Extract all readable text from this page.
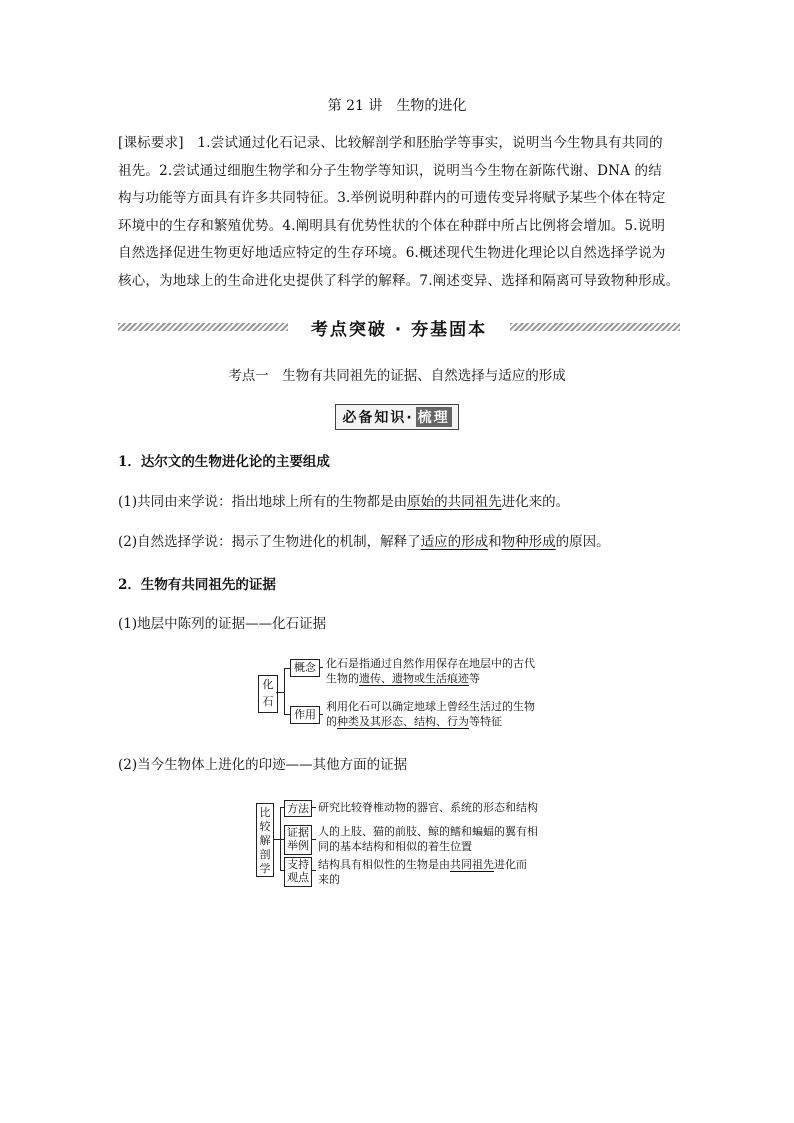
第 21 讲　生物的进化
[课标要求]　1.尝试通过化石记录、比较解剖学和胚胎学等事实，说明当今生物具有共同的
祖先。2.尝试通过细胞生物学和分子生物学等知识，说明当今生物在新陈代谢、DNA 的结
构与功能等方面具有许多共同特征。3.举例说明种群内的可遗传变异将赋予某些个体在特定
环境中的生存和繁殖优势。4.阐明具有优势性状的个体在种群中所占比例将会增加。5.说明
自然选择促进生物更好地适应特定的生存环境。6.概述现代生物进化理论以自然选择学说为
核心，为地球上的生命进化史提供了科学的解释。7.阐述变异、选择和隔离可导致物种形成。
考点突破 · 夯基固本
考点一　生物有共同祖先的证据、自然选择与适应的形成
必备知识· 梳理
1．达尔文的生物进化论的主要组成
(1)共同由来学说：指出地球上所有的生物都是由原始的共同祖先进化来的。
(2)自然选择学说：揭示了生物进化的机制，解释了适应的形成和物种形成的原因。
2．生物有共同祖先的证据
(1)地层中陈列的证据——化石证据
化石
概念
作用
化石是指通过自然作用保存在地层中的古代
生物的遗传、遗物或生活痕迹等
利用化石可以确定地球上曾经生活过的生物
的种类及其形态、结构、行为等特征
(2)当今生物体上进化的印迹——其他方面的证据
比较解剖学
方法
证据举例
支持观点
研究比较脊椎动物的器官、系统的形态和结构
人的上肢、猫的前肢、鲸的鳍和蝙蝠的翼有相
同的基本结构和相似的着生位置
结构具有相似性的生物是由共同祖先进化而
来的
